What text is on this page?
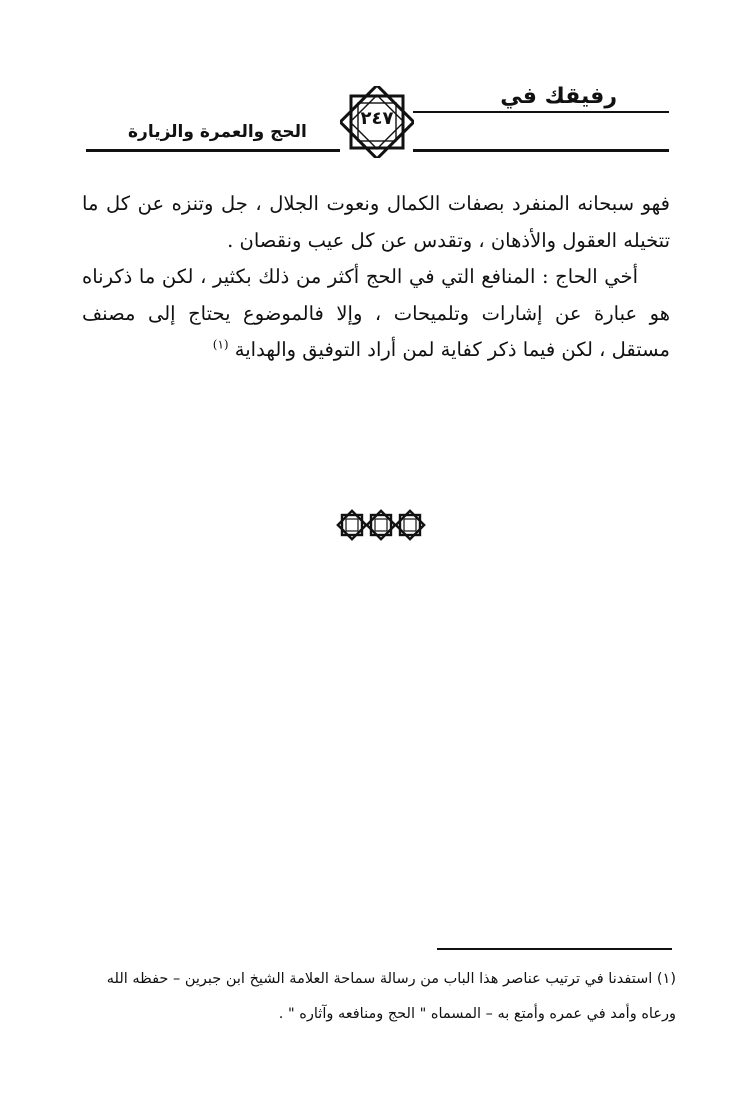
رفيقك في
الحج والعمرة والزيارة
٢٤٧

فهو سبحانه المنفرد بصفات الكمال ونعوت الجلال ، جل وتنزه عن كل ما تتخيله العقول والأذهان ، وتقدس عن كل عيب ونقصان .

أخي الحاج : المنافع التي في الحج أكثر من ذلك بكثير ، لكن ما ذكرناه هو عبارة عن إشارات وتلميحات ، وإلا فالموضوع يحتاج إلى مصنف مستقل ، لكن فيما ذكر كفاية لمن أراد التوفيق والهداية $^{(١)}$

(١) استفدنا في ترتيب عناصر هذا الباب من رسالة سماحة العلامة الشيخ ابن جبرين – حفظه الله

ورعاه وأمد في عمره وأمتع به – المسماه " الحج ومنافعه وآثاره " .
